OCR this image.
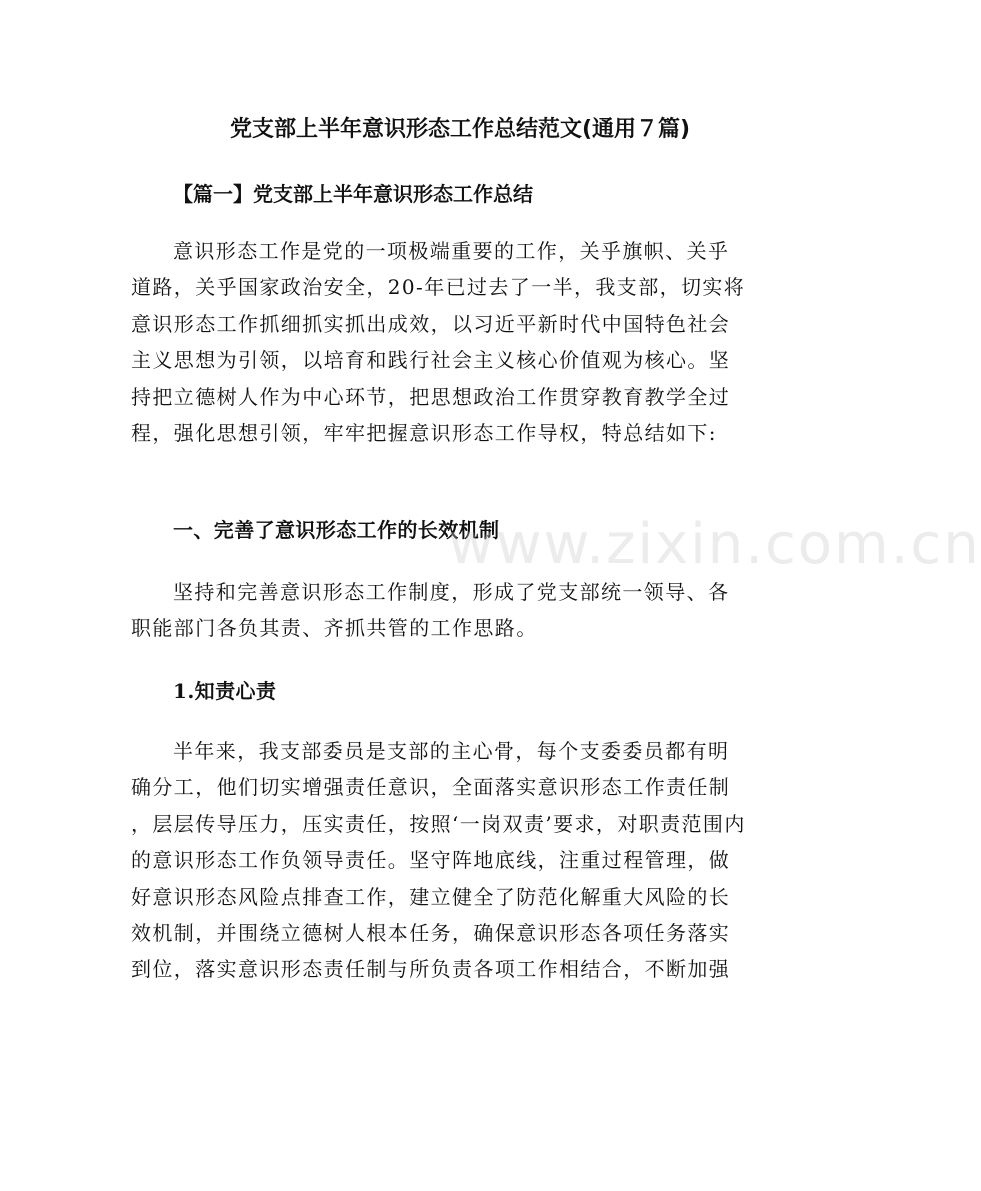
党支部上半年意识形态工作总结范文(通用７篇)
【篇一】党支部上半年意识形态工作总结
意识形态工作是党的一项极端重要的工作，关乎旗帜、关乎
道路，关乎国家政治安全，20-年已过去了一半，我支部，切实将
意识形态工作抓细抓实抓出成效，以习近平新时代中国特色社会
主义思想为引领，以培育和践行社会主义核心价值观为核心。坚
持把立德树人作为中心环节，把思想政治工作贯穿教育教学全过
程，强化思想引领，牢牢把握意识形态工作导权，特总结如下:
一、完善了意识形态工作的长效机制
坚持和完善意识形态工作制度，形成了党支部统一领导、各
职能部门各负其责、齐抓共管的工作思路。
1.知责心责
半年来，我支部委员是支部的主心骨，每个支委委员都有明
确分工，他们切实增强责任意识，全面落实意识形态工作责任制
，层层传导压力，压实责任，按照‘一岗双责’要求，对职责范围内
的意识形态工作负领导责任。坚守阵地底线，注重过程管理，做
好意识形态风险点排查工作，建立健全了防范化解重大风险的长
效机制，并围绕立德树人根本任务，确保意识形态各项任务落实
到位，落实意识形态责任制与所负责各项工作相结合，不断加强
www.zixin.com.cn
